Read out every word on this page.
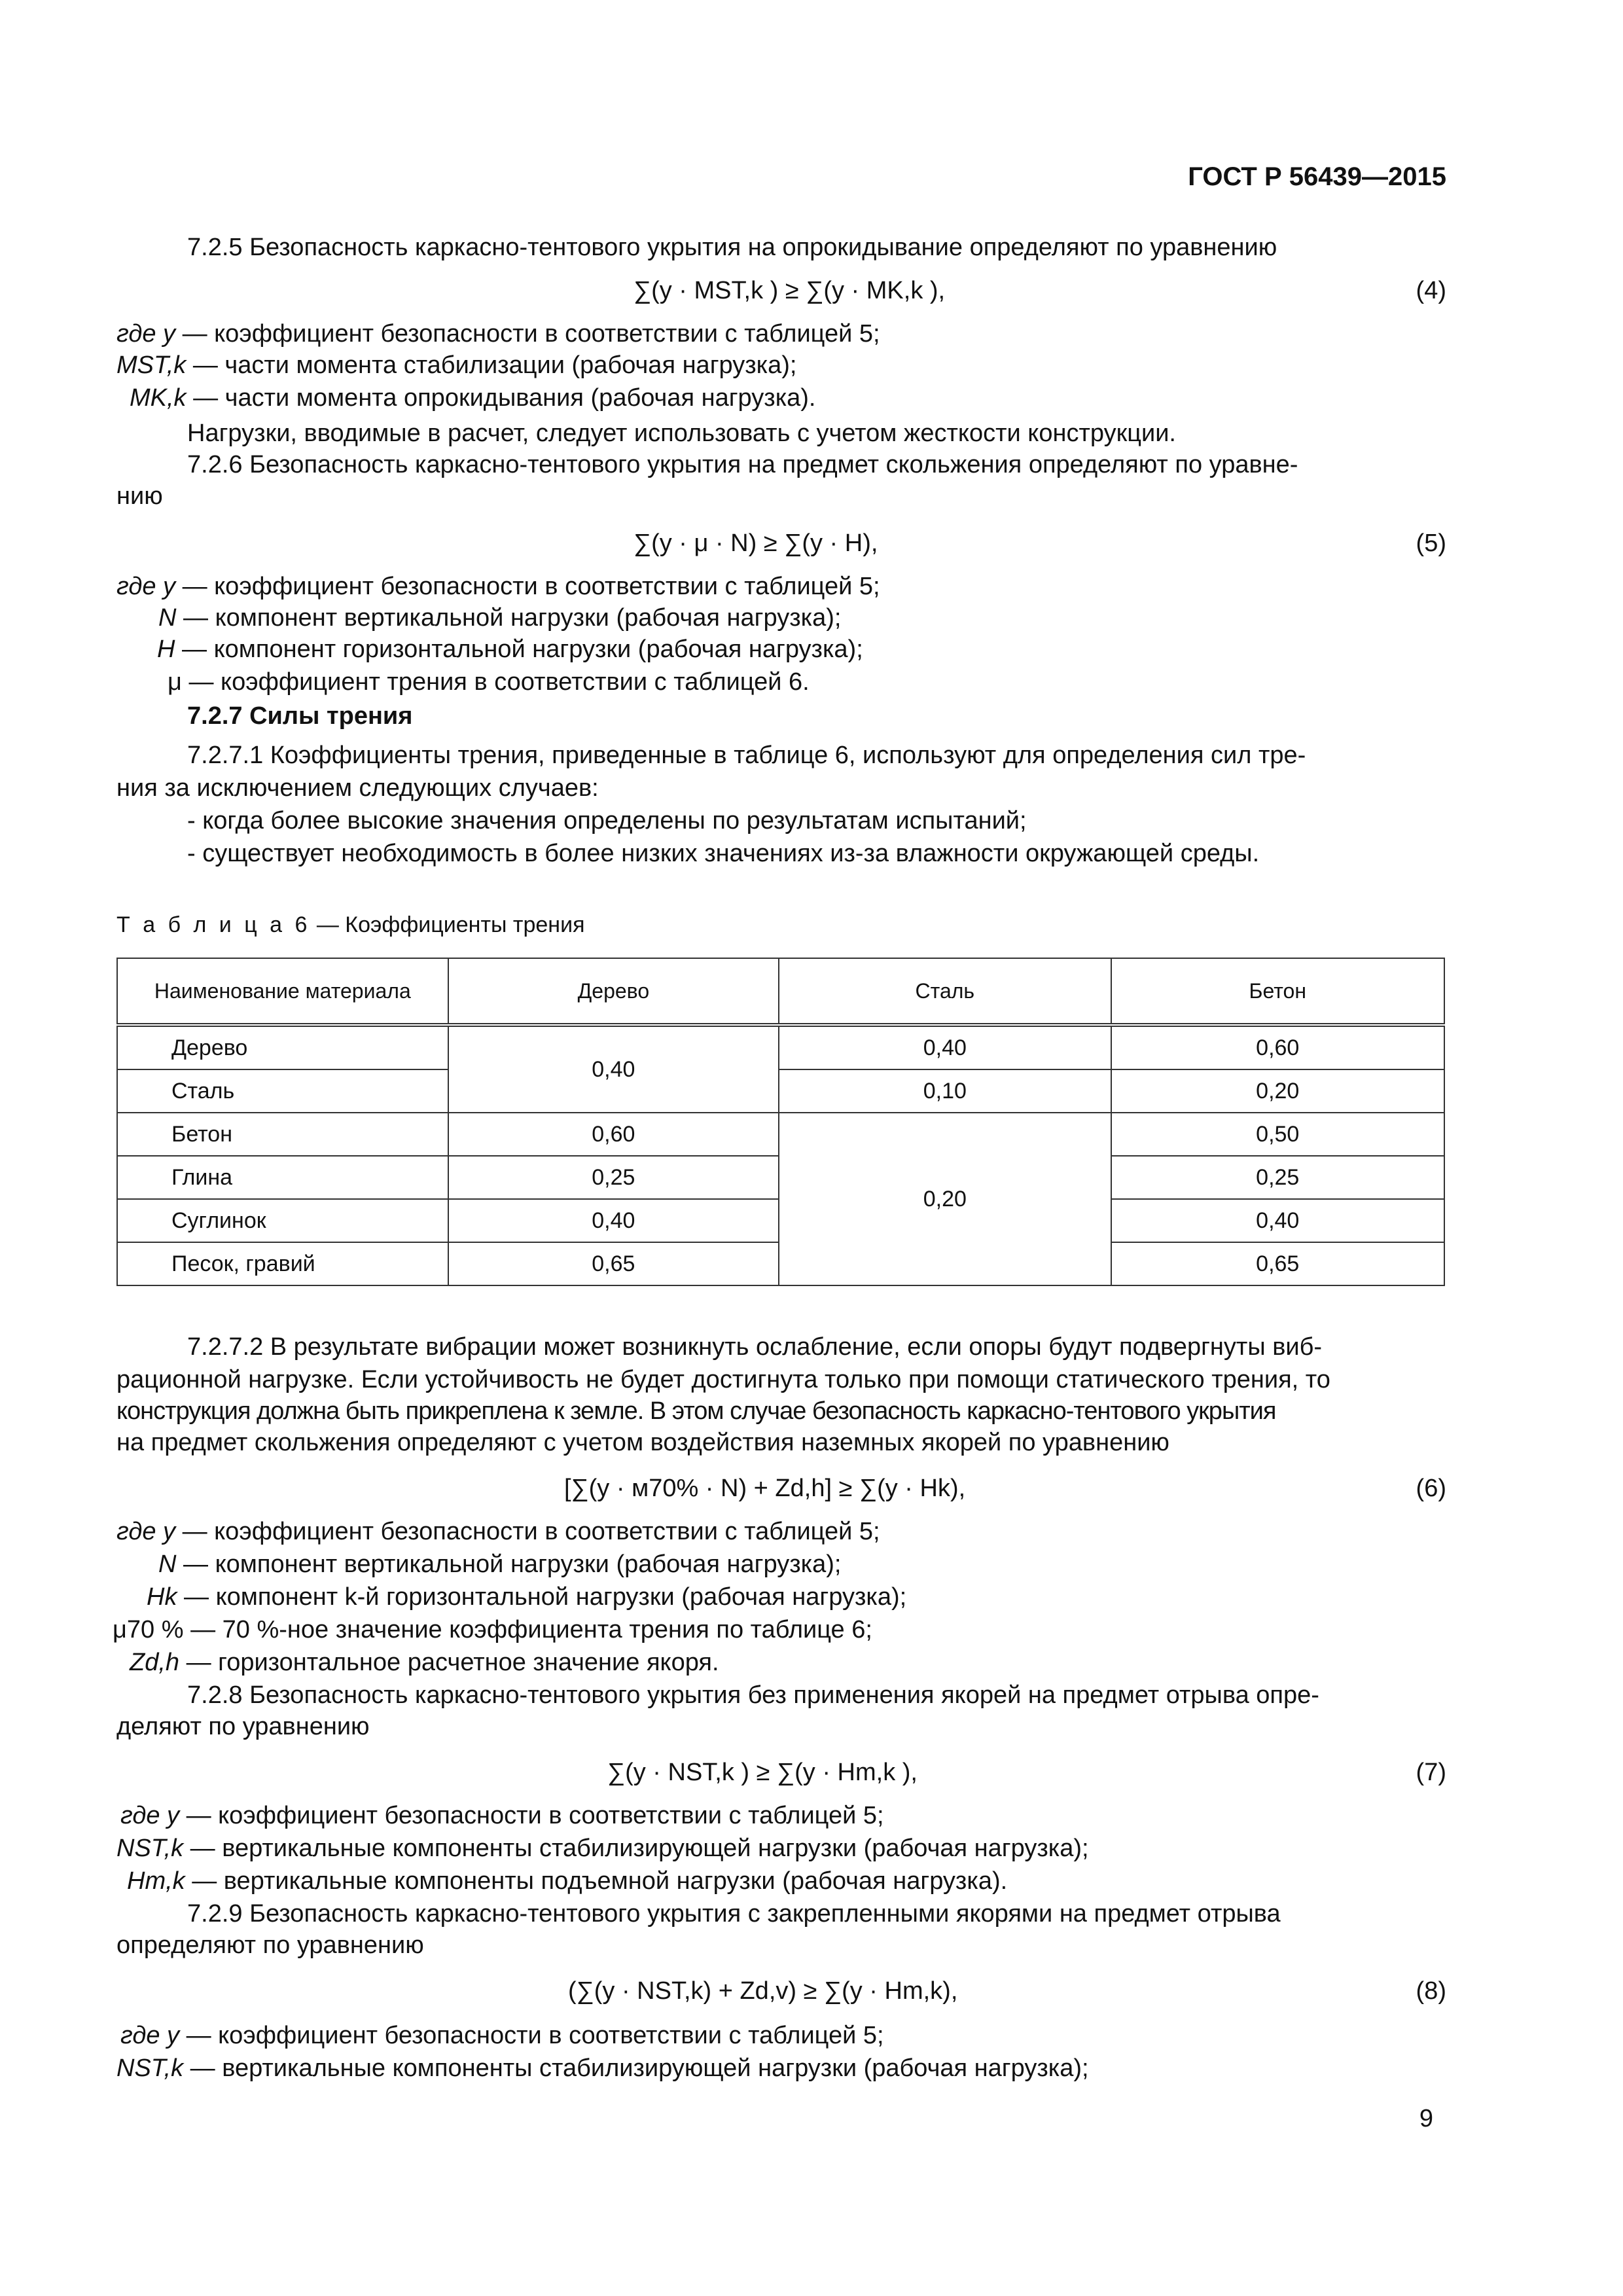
ГОСТ Р 56439—2015
7.2.5 Безопасность каркасно-тентового укрытия на опрокидывание определяют по уравнению
∑(y · MST,k ) ≥ ∑(y · MK,k ),	(4)
где y — коэффициент безопасности в соответствии с таблицей 5;
MST,k — части момента стабилизации (рабочая нагрузка);
MK,k — части момента опрокидывания (рабочая нагрузка).
Нагрузки, вводимые в расчет, следует использовать с учетом жесткости конструкции.
7.2.6 Безопасность каркасно-тентового укрытия на предмет скольжения определяют по уравне-
нию
∑(y · μ · N) ≥ ∑(y · H),	(5)
где y — коэффициент безопасности в соответствии с таблицей 5;
N — компонент вертикальной нагрузки (рабочая нагрузка);
H — компонент горизонтальной нагрузки (рабочая нагрузка);
μ — коэффициент трения в соответствии с таблицей 6.
7.2.7 Силы трения
7.2.7.1 Коэффициенты трения, приведенные в таблице 6, используют для определения сил тре-
ния за исключением следующих случаев:
- когда более высокие значения определены по результатам испытаний;
- существует необходимость в более низких значениях из-за влажности окружающей среды.
Т а б л и ц а 6 — Коэффициенты трения
Наименование материала	Дерево	Сталь	Бетон
Дерево	0,40	0,40	0,60
Сталь		0,10	0,20
Бетон	0,60	0,20	0,50
Глина	0,25		0,25
Суглинок	0,40		0,40
Песок, гравий	0,65		0,65
7.2.7.2 В результате вибрации может возникнуть ослабление, если опоры будут подвергнуты виб-
рационной нагрузке. Если устойчивость не будет достигнута только при помощи статического трения, то
конструкция должна быть прикреплена к земле. В этом случае безопасность каркасно-тентового укрытия
на предмет скольжения определяют с учетом воздействия наземных якорей по уравнению
[∑(y · м70% · N) + Zd,h] ≥ ∑(y · Hk),	(6)
где y — коэффициент безопасности в соответствии с таблицей 5;
N — компонент вертикальной нагрузки (рабочая нагрузка);
Hk — компонент k-й горизонтальной нагрузки (рабочая нагрузка);
μ70 % — 70 %-ное значение коэффициента трения по таблице 6;
Zd,h — горизонтальное расчетное значение якоря.
7.2.8 Безопасность каркасно-тентового укрытия без применения якорей на предмет отрыва опре-
деляют по уравнению
∑(y · NST,k ) ≥ ∑(y · Hm,k ),	(7)
где y — коэффициент безопасности в соответствии с таблицей 5;
NST,k — вертикальные компоненты стабилизирующей нагрузки (рабочая нагрузка);
Hm,k — вертикальные компоненты подъемной нагрузки (рабочая нагрузка).
7.2.9 Безопасность каркасно-тентового укрытия с закрепленными якорями на предмет отрыва
определяют по уравнению
(∑(y · NST,k) + Zd,v) ≥ ∑(y · Hm,k),	(8)
где y — коэффициент безопасности в соответствии с таблицей 5;
NST,k — вертикальные компоненты стабилизирующей нагрузки (рабочая нагрузка);
9
